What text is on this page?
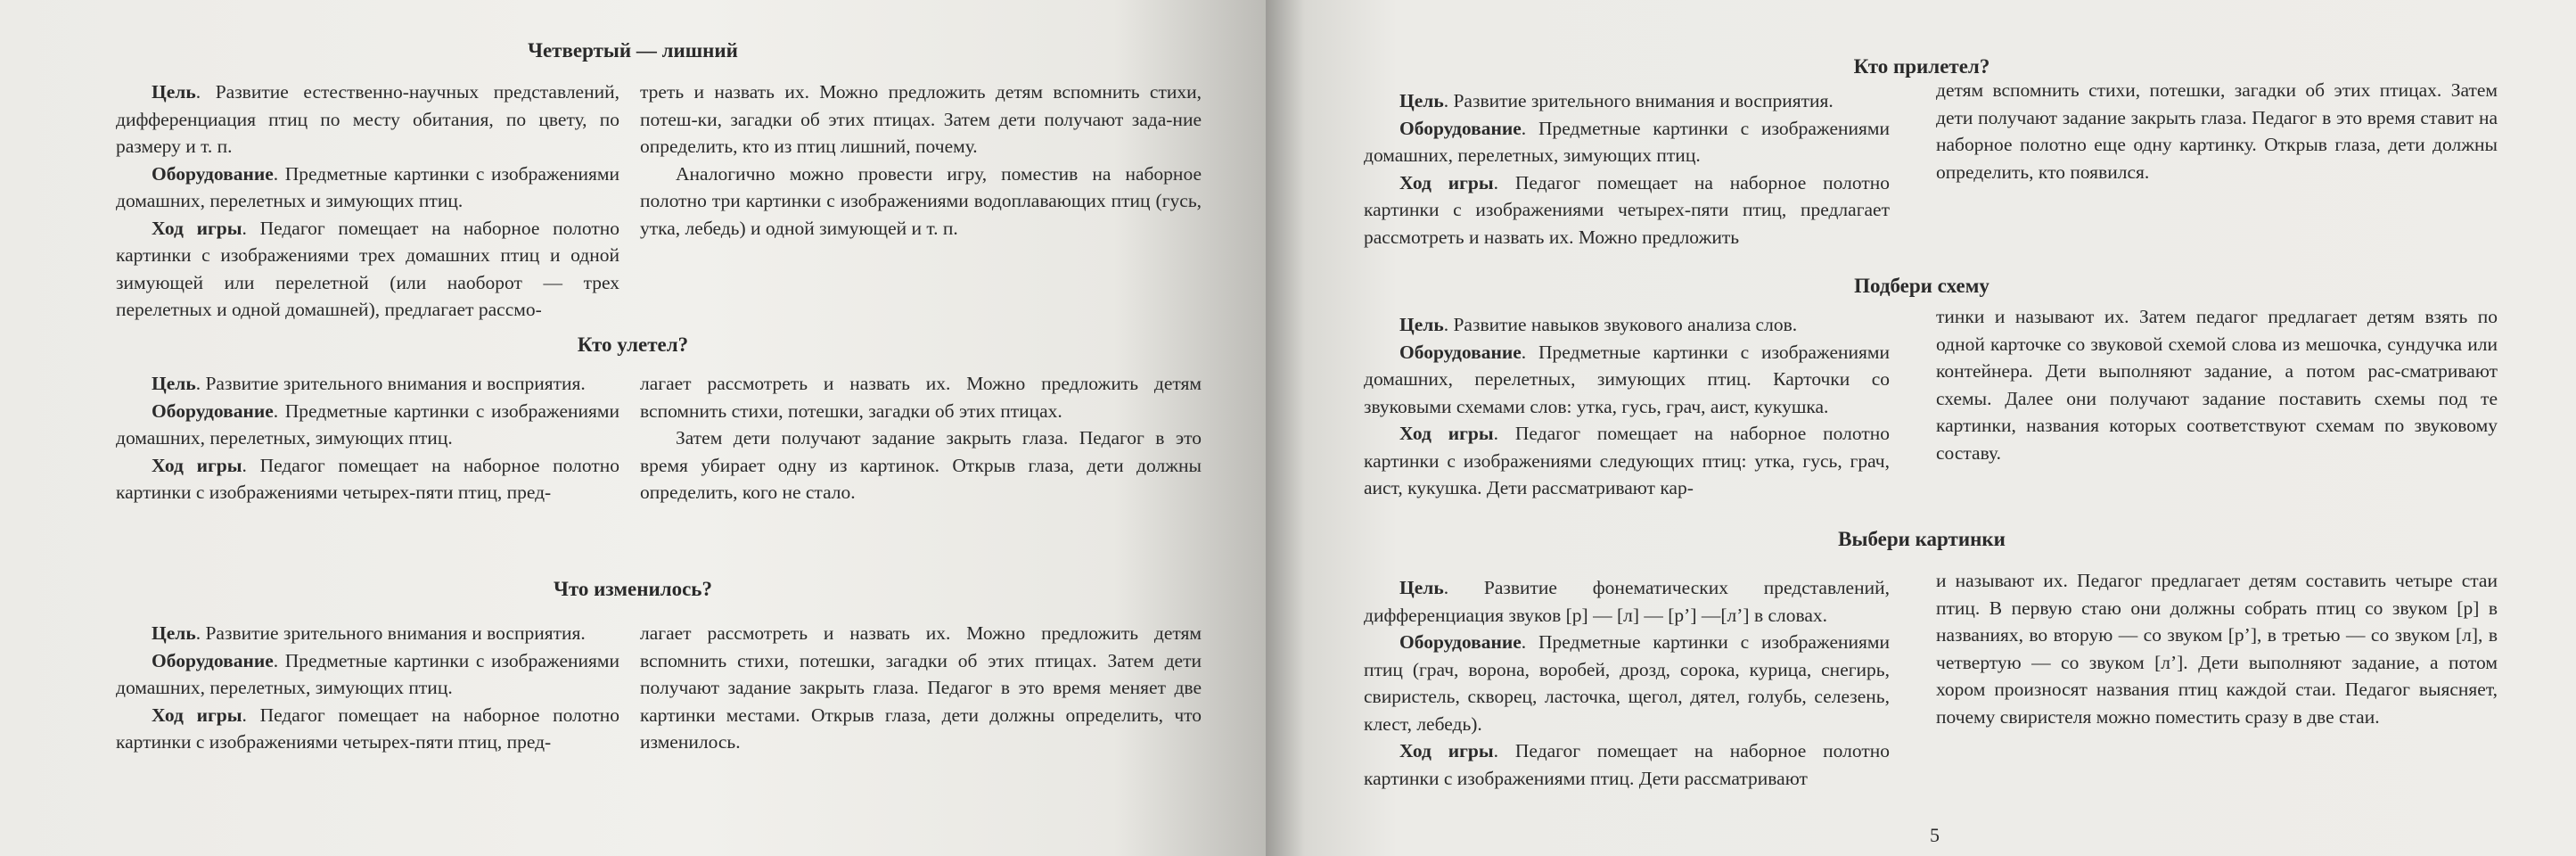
Четвертый — лишний

Цель. Развитие естественно-научных представлений, дифференциация птиц по месту обитания, по цвету, по размеру и т. п.

Оборудование. Предметные картинки с изображениями домашних, перелетных и зимующих птиц.

Ход игры. Педагог помещает на наборное полотно картинки с изображениями трех домашних птиц и одной зимующей или перелетной (или наоборот — трех перелетных и одной домашней), предлагает рассмо-

треть и назвать их. Можно предложить детям вспомнить стихи, потеш-ки, загадки об этих птицах. Затем дети получают зада-ние определить, кто из птиц лишний, почему.

Аналогично можно провести игру, поместив на наборное полотно три картинки с изображениями водоплавающих птиц (гусь, утка, лебедь) и одной зимующей и т. п.

Кто улетел?

Цель. Развитие зрительного внимания и восприятия.

Оборудование. Предметные картинки с изображениями домашних, перелетных, зимующих птиц.

Ход игры. Педагог помещает на наборное полотно картинки с изображениями четырех-пяти птиц, пред-

лагает рассмотреть и назвать их. Можно предложить детям вспомнить стихи, потешки, загадки об этих птицах.

Затем дети получают задание закрыть глаза. Педагог в это время убирает одну из картинок. Открыв глаза, дети должны определить, кого не стало.

Что изменилось?

Цель. Развитие зрительного внимания и восприятия.

Оборудование. Предметные картинки с изображениями домашних, перелетных, зимующих птиц.

Ход игры. Педагог помещает на наборное полотно картинки с изображениями четырех-пяти птиц, пред-

лагает рассмотреть и назвать их. Можно предложить детям вспомнить стихи, потешки, загадки об этих птицах. Затем дети получают задание закрыть глаза. Педагог в это время меняет две картинки местами. Открыв глаза, дети должны определить, что изменилось.

Кто прилетел?

Цель. Развитие зрительного внимания и восприятия.

Оборудование. Предметные картинки с изображениями домашних, перелетных, зимующих птиц.

Ход игры. Педагог помещает на наборное полотно картинки с изображениями четырех-пяти птиц, предлагает рассмотреть и назвать их. Можно предложить

детям вспомнить стихи, потешки, загадки об этих птицах. Затем дети получают задание закрыть глаза. Педагог в это время ставит на наборное полотно еще одну картинку. Открыв глаза, дети должны определить, кто появился.

Подбери схему

Цель. Развитие навыков звукового анализа слов.

Оборудование. Предметные картинки с изображениями домашних, перелетных, зимующих птиц. Карточки со звуковыми схемами слов: утка, гусь, грач, аист, кукушка.

Ход игры. Педагог помещает на наборное полотно картинки с изображениями следующих птиц: утка, гусь, грач, аист, кукушка. Дети рассматривают кар-

тинки и называют их. Затем педагог предлагает детям взять по одной карточке со звуковой схемой слова из мешочка, сундучка или контейнера. Дети выполняют задание, а потом рас-сматривают схемы. Далее они получают задание поставить схемы под те картинки, названия которых соответствуют схемам по звуковому составу.

Выбери картинки

Цель. Развитие фонематических представлений, дифференциация звуков [р] — [л] — [р’] —[л’] в словах.

Оборудование. Предметные картинки с изображениями птиц (грач, ворона, воробей, дрозд, сорока, курица, снегирь, свиристель, скворец, ласточка, щегол, дятел, голубь, селезень, клест, лебедь).

Ход игры. Педагог помещает на наборное полотно картинки с изображениями птиц. Дети рассматривают

и называют их. Педагог предлагает детям составить четыре стаи птиц. В первую стаю они должны собрать птиц со звуком [р] в названиях, во вторую — со звуком [р’], в третью — со звуком [л], в четвертую — со звуком [л’]. Дети выполняют задание, а потом хором произносят названия птиц каждой стаи. Педагог выясняет, почему свиристеля можно поместить сразу в две стаи.

5
